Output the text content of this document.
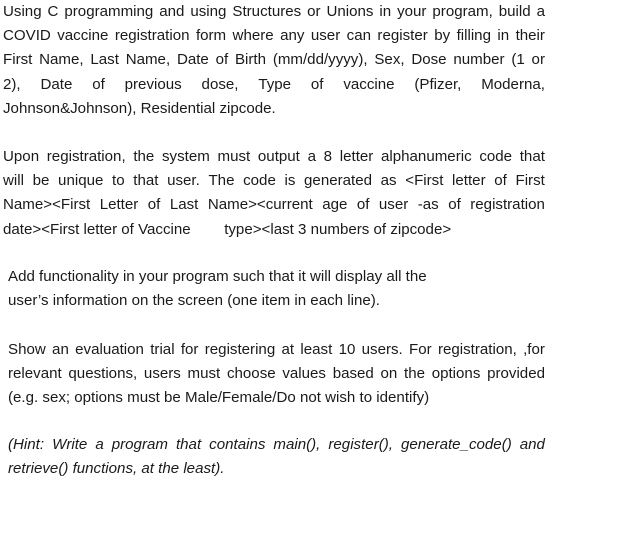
Using C programming and using Structures or Unions in your program, build a
COVID vaccine registration form where any user can register by filling in their
First Name, Last Name, Date of Birth (mm/dd/yyyy), Sex, Dose number (1 or
2), Date of previous dose, Type of vaccine (Pfizer, Moderna,
Johnson&Johnson), Residential zipcode.
Upon registration, the system must output a 8 letter alphanumeric code that
will be unique to that user. The code is generated as <First letter of First
Name><First Letter of Last Name><current age of user -as of registration
date><First letter of Vaccine        type><last 3 numbers of zipcode>
Add functionality in your program such that it will display all the
user’s information on the screen (one item in each line).
Show an evaluation trial for registering at least 10 users. For registration, ,for
relevant questions, users must choose values based on the options provided
(e.g. sex; options must be Male/Female/Do not wish to identify)
(Hint: Write a program that contains main(), register(), generate_code() and
retrieve() functions, at the least).
